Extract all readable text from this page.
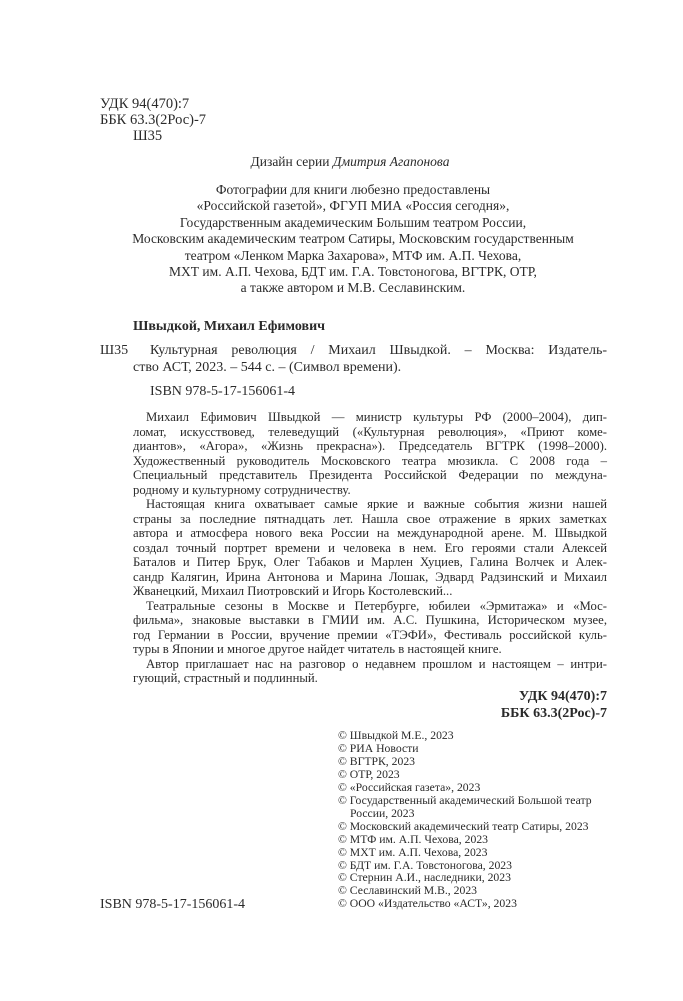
УДК 94(470):7
ББК 63.3(2Рос)-7
Ш35
Дизайн серии Дмитрия Агапонова
Фотографии для книги любезно предоставлены
«Российской газетой», ФГУП МИА «Россия сегодня»,
Государственным академическим Большим театром России,
Московским академическим театром Сатиры, Московским государственным
театром «Ленком Марка Захарова», МТФ им. А.П. Чехова,
МХТ им. А.П. Чехова, БДТ им. Г.А. Товстоногова, ВГТРК, ОТР,
а также автором и М.В. Сеславинским.
Швыдкой, Михаил Ефимович
Ш35 Культурная революция / Михаил Швыдкой. – Москва: Издатель-
ство АСТ, 2023. – 544 с. – (Символ времени).
ISBN 978-5-17-156061-4
Михаил Ефимович Швыдкой — министр культуры РФ (2000–2004), дип-
ломат, искусствовед, телеведущий («Культурная революция», «Приют коме-
диантов», «Агора», «Жизнь прекрасна»). Председатель ВГТРК (1998–2000).
Художественный руководитель Московского театра мюзикла. С 2008 года –
Специальный представитель Президента Российской Федерации по междуна-
родному и культурному сотрудничеству.
Настоящая книга охватывает самые яркие и важные события жизни нашей
страны за последние пятнадцать лет. Нашла свое отражение в ярких заметках
автора и атмосфера нового века России на международной арене. М. Швыдкой
создал точный портрет времени и человека в нем. Его героями стали Алексей
Баталов и Питер Брук, Олег Табаков и Марлен Хуциев, Галина Волчек и Алек-
сандр Калягин, Ирина Антонова и Марина Лошак, Эдвард Радзинский и Михаил
Жванецкий, Михаил Пиотровский и Игорь Костолевский...
Театральные сезоны в Москве и Петербурге, юбилеи «Эрмитажа» и «Мос-
фильма», знаковые выставки в ГМИИ им. А.С. Пушкина, Историческом музее,
год Германии в России, вручение премии «ТЭФИ», Фестиваль российской куль-
туры в Японии и многое другое найдет читатель в настоящей книге.
Автор приглашает нас на разговор о недавнем прошлом и настоящем – интри-
гующий, страстный и подлинный.
УДК 94(470):7
ББК 63.3(2Рос)-7
© Швыдкой М.Е., 2023
© РИА Новости
© ВГТРК, 2023
© ОТР, 2023
© «Российская газета», 2023
© Государственный академический Большой театр
России, 2023
© Московский академический театр Сатиры, 2023
© МТФ им. А.П. Чехова, 2023
© МХТ им. А.П. Чехова, 2023
© БДТ им. Г.А. Товстоногова, 2023
© Стернин А.И., наследники, 2023
© Сеславинский М.В., 2023
© ООО «Издательство «АСТ», 2023
ISBN 978-5-17-156061-4
